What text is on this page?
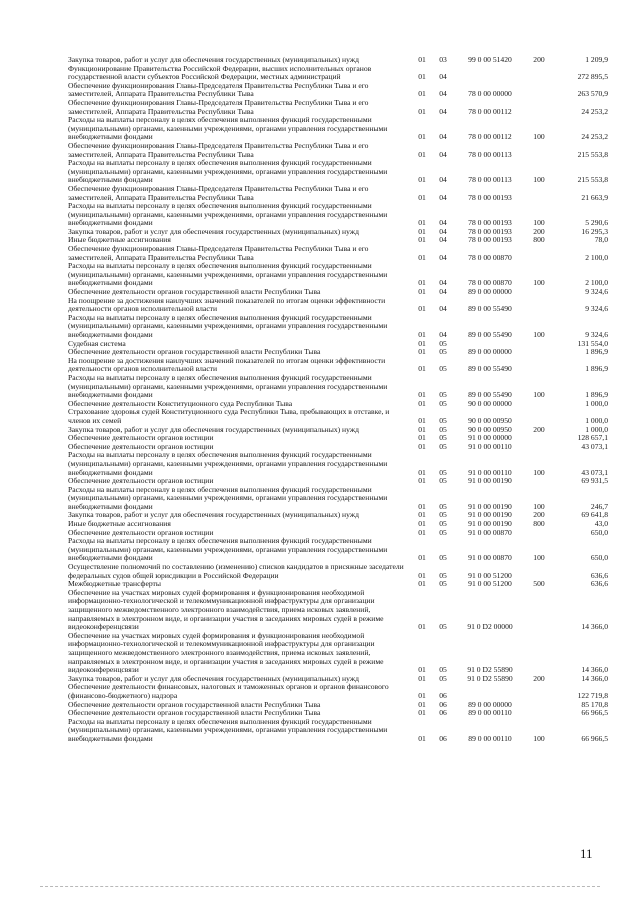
Закупка товаров, работ и услуг для обеспечения государственных (муниципальных) нужд	01	03	99 0 00 51420	200	1 209,9
Функционирование Правительства Российской Федерации, высших исполнительных органов государственной власти субъектов Российской Федерации, местных администраций	01	04	272 895,5
Обеспечение функционирования Главы-Председателя Правительства Республики Тыва и его заместителей, Аппарата Правительства Республики Тыва	01	04	78 0 00 00000	263 570,9
Обеспечение функционирования Главы-Председателя Правительства Республики Тыва и его заместителей, Аппарата Правительства Республики Тыва	01	04	78 0 00 00112	24 253,2
Расходы на выплаты персоналу в целях обеспечения выполнения функций государственными (муниципальными) органами, казенными учреждениями, органами управления государственными внебюджетными фондами	01	04	78 0 00 00112	100	24 253,2
Обеспечение функционирования Главы-Председателя Правительства Республики Тыва и его заместителей, Аппарата Правительства Республики Тыва	01	04	78 0 00 00113	215 553,8
Расходы на выплаты персоналу в целях обеспечения выполнения функций государственными (муниципальными) органами, казенными учреждениями, органами управления государственными внебюджетными фондами	01	04	78 0 00 00113	100	215 553,8
Обеспечение функционирования Главы-Председателя Правительства Республики Тыва и его заместителей, Аппарата Правительства Республики Тыва	01	04	78 0 00 00193	21 663,9
Расходы на выплаты персоналу в целях обеспечения выполнения функций государственными (муниципальными) органами, казенными учреждениями, органами управления государственными внебюджетными фондами	01	04	78 0 00 00193	100	5 290,6
Закупка товаров, работ и услуг для обеспечения государственных (муниципальных) нужд	01	04	78 0 00 00193	200	16 295,3
Иные бюджетные ассигнования	01	04	78 0 00 00193	800	78,0
Обеспечение функционирования Главы-Председателя Правительства Республики Тыва и его заместителей, Аппарата Правительства Республики Тыва	01	04	78 0 00 00870	2 100,0
Расходы на выплаты персоналу в целях обеспечения выполнения функций государственными (муниципальными) органами, казенными учреждениями, органами управления государственными внебюджетными фондами	01	04	78 0 00 00870	100	2 100,0
Обеспечение деятельности органов государственной власти Республики Тыва	01	04	89 0 00 00000	9 324,6
На поощрение за достижения наилучших значений показателей по итогам оценки эффективности деятельности органов исполнительной власти	01	04	89 0 00 55490	9 324,6
Расходы на выплаты персоналу в целях обеспечения выполнения функций государственными (муниципальными) органами, казенными учреждениями, органами управления государственными внебюджетными фондами	01	04	89 0 00 55490	100	9 324,6
Судебная система	01	05	131 554,0
Обеспечение деятельности органов государственной власти Республики Тыва	01	05	89 0 00 00000	1 896,9
На поощрение за достижения наилучших значений показателей по итогам оценки эффективности деятельности органов исполнительной власти	01	05	89 0 00 55490	1 896,9
Расходы на выплаты персоналу в целях обеспечения выполнения функций государственными (муниципальными) органами, казенными учреждениями, органами управления государственными внебюджетными фондами	01	05	89 0 00 55490	100	1 896,9
Обеспечение деятельности Конституционного суда Республики Тыва	01	05	90 0 00 00000	1 000,0
Страхование здоровья судей Конституционного суда Республики Тыва, пребывающих в отставке, и членов их семей	01	05	90 0 00 00950	1 000,0
Закупка товаров, работ и услуг для обеспечения государственных (муниципальных) нужд	01	05	90 0 00 00950	200	1 000,0
Обеспечение деятельности органов юстиции	01	05	91 0 00 00000	128 657,1
Обеспечение деятельности органов юстиции	01	05	91 0 00 00110	43 073,1
Расходы на выплаты персоналу в целях обеспечения выполнения функций государственными (муниципальными) органами, казенными учреждениями, органами управления государственными внебюджетными фондами	01	05	91 0 00 00110	100	43 073,1
Обеспечение деятельности органов юстиции	01	05	91 0 00 00190	69 931,5
Расходы на выплаты персоналу в целях обеспечения выполнения функций государственными (муниципальными) органами, казенными учреждениями, органами управления государственными внебюджетными фондами	01	05	91 0 00 00190	100	246,7
Закупка товаров, работ и услуг для обеспечения государственных (муниципальных) нужд	01	05	91 0 00 00190	200	69 641,8
Иные бюджетные ассигнования	01	05	91 0 00 00190	800	43,0
Обеспечение деятельности органов юстиции	01	05	91 0 00 00870	650,0
Расходы на выплаты персоналу в целях обеспечения выполнения функций государственными (муниципальными) органами, казенными учреждениями, органами управления государственными внебюджетными фондами	01	05	91 0 00 00870	100	650,0
Осуществление полномочий по составлению (изменению) списков кандидатов в присяжные заседатели федеральных судов общей юрисдикции в Российской Федерации	01	05	91 0 00 51200	636,6
Межбюджетные трансферты	01	05	91 0 00 51200	500	636,6
Обеспечение на участках мировых судей формирования и функционирования необходимой информационно-технологической и телекоммуникационной инфраструктуры для организации защищенного межведомственного электронного взаимодействия, приема исковых заявлений, направляемых в электронном виде, и организации участия в заседаниях мировых судей в режиме видеоконференцсвязи	01	05	91 0 D2 00000	14 366,0
Обеспечение на участках мировых судей формирования и функционирования необходимой информационно-технологической и телекоммуникационной инфраструктуры для организации защищенного межведомственного электронного взаимодействия, приема исковых заявлений, направляемых в электронном виде, и организации участия в заседаниях мировых судей в режиме видеоконференцсвязи	01	05	91 0 D2 55890	14 366,0
Закупка товаров, работ и услуг для обеспечения государственных (муниципальных) нужд	01	05	91 0 D2 55890	200	14 366,0
Обеспечение деятельности финансовых, налоговых и таможенных органов и органов финансового (финансово-бюджетного) надзора	01	06	122 719,8
Обеспечение деятельности органов государственной власти Республики Тыва	01	06	89 0 00 00000	85 170,8
Обеспечение деятельности органов государственной власти Республики Тыва	01	06	89 0 00 00110	66 966,5
Расходы на выплаты персоналу в целях обеспечения выполнения функций государственными (муниципальными) органами, казенными учреждениями, органами управления государственными внебюджетными фондами	01	06	89 0 00 00110	100	66 966,5
11
